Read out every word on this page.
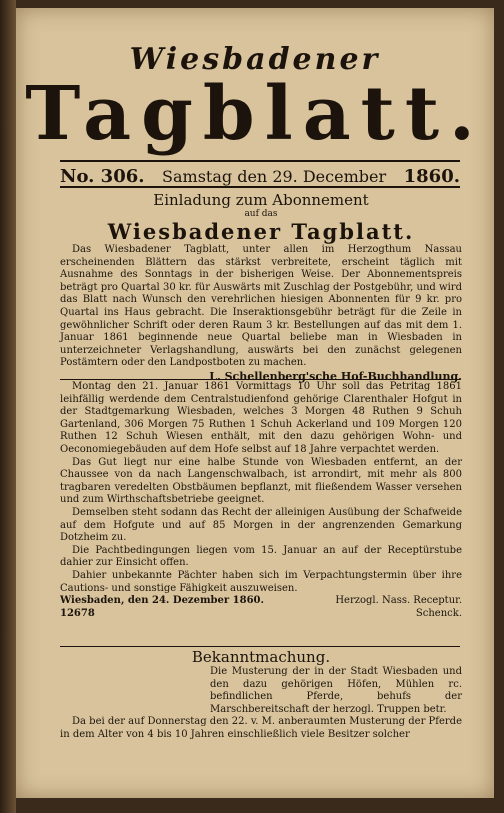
Wiesbadener
Tagblatt.
No. 306. Samstag den 29. December 1860.

Einladung zum Abonnement

auf das

Wiesbadener Tagblatt.

Das Wiesbadener Tagblatt, unter allen im Herzogthum Nassau erscheinenden Blättern das stärkst verbreitete, erscheint täglich mit Ausnahme des Sonntags in der bisherigen Weise. Der Abonnementspreis beträgt pro Quartal 30 kr. für Auswärts mit Zuschlag der Postgebühr, und wird das Blatt nach Wunsch den verehrlichen hiesigen Abonnenten für 9 kr. pro Quartal ins Haus gebracht. Die Inseraktionsgebühr beträgt für die Zeile in gewöhnlicher Schrift oder deren Raum 3 kr. Bestellungen auf das mit dem 1. Januar 1861 beginnende neue Quartal beliebe man in Wiesbaden in unterzeichneter Verlagshandlung, auswärts bei den zunächst gelegenen Postämtern oder den Landpostboten zu machen.

L. Schellenberg'sche Hof-Buchhandlung.

Montag den 21. Januar 1861 Vormittags 10 Uhr soll das Petritag 1861 leihfällig werdende dem Centralstudienfond gehörige Clarenthaler Hofgut in der Stadtgemarkung Wiesbaden, welches 3 Morgen 48 Ruthen 9 Schuh Gartenland, 306 Morgen 75 Ruthen 1 Schuh Ackerland und 109 Morgen 120 Ruthen 12 Schuh Wiesen enthält, mit den dazu gehörigen Wohn- und Oeconomiegebäuden auf dem Hofe selbst auf 18 Jahre verpachtet werden.

Das Gut liegt nur eine halbe Stunde von Wiesbaden entfernt, an der Chaussee von da nach Langenschwalbach, ist arrondirt, mit mehr als 800 tragbaren veredelten Obstbäumen bepflanzt, mit fließendem Wasser versehen und zum Wirthschaftsbetriebe geeignet.

Demselben steht sodann das Recht der alleinigen Ausübung der Schafweide auf dem Hofgute und auf 85 Morgen in der angrenzenden Gemarkung Dotzheim zu.

Die Pachtbedingungen liegen vom 15. Januar an auf der Receptürstube dahier zur Einsicht offen.

Dahier unbekannte Pächter haben sich im Verpachtungstermin über ihre Cautions- und sonstige Fähigkeit auszuweisen.

Wiesbaden, den 24. Dezember 1860.	Herzogl. Nass. Receptur.
12678	Schenck.

Bekanntmachung.

Die Musterung der in der Stadt Wiesbaden und den dazu gehörigen Höfen, Mühlen rc. befindlichen Pferde, behufs der Marschbereitschaft der herzogl. Truppen betr.

Da bei der auf Donnerstag den 22. v. M. anberaumten Musterung der Pferde in dem Alter von 4 bis 10 Jahren einschließlich viele Besitzer solcher
